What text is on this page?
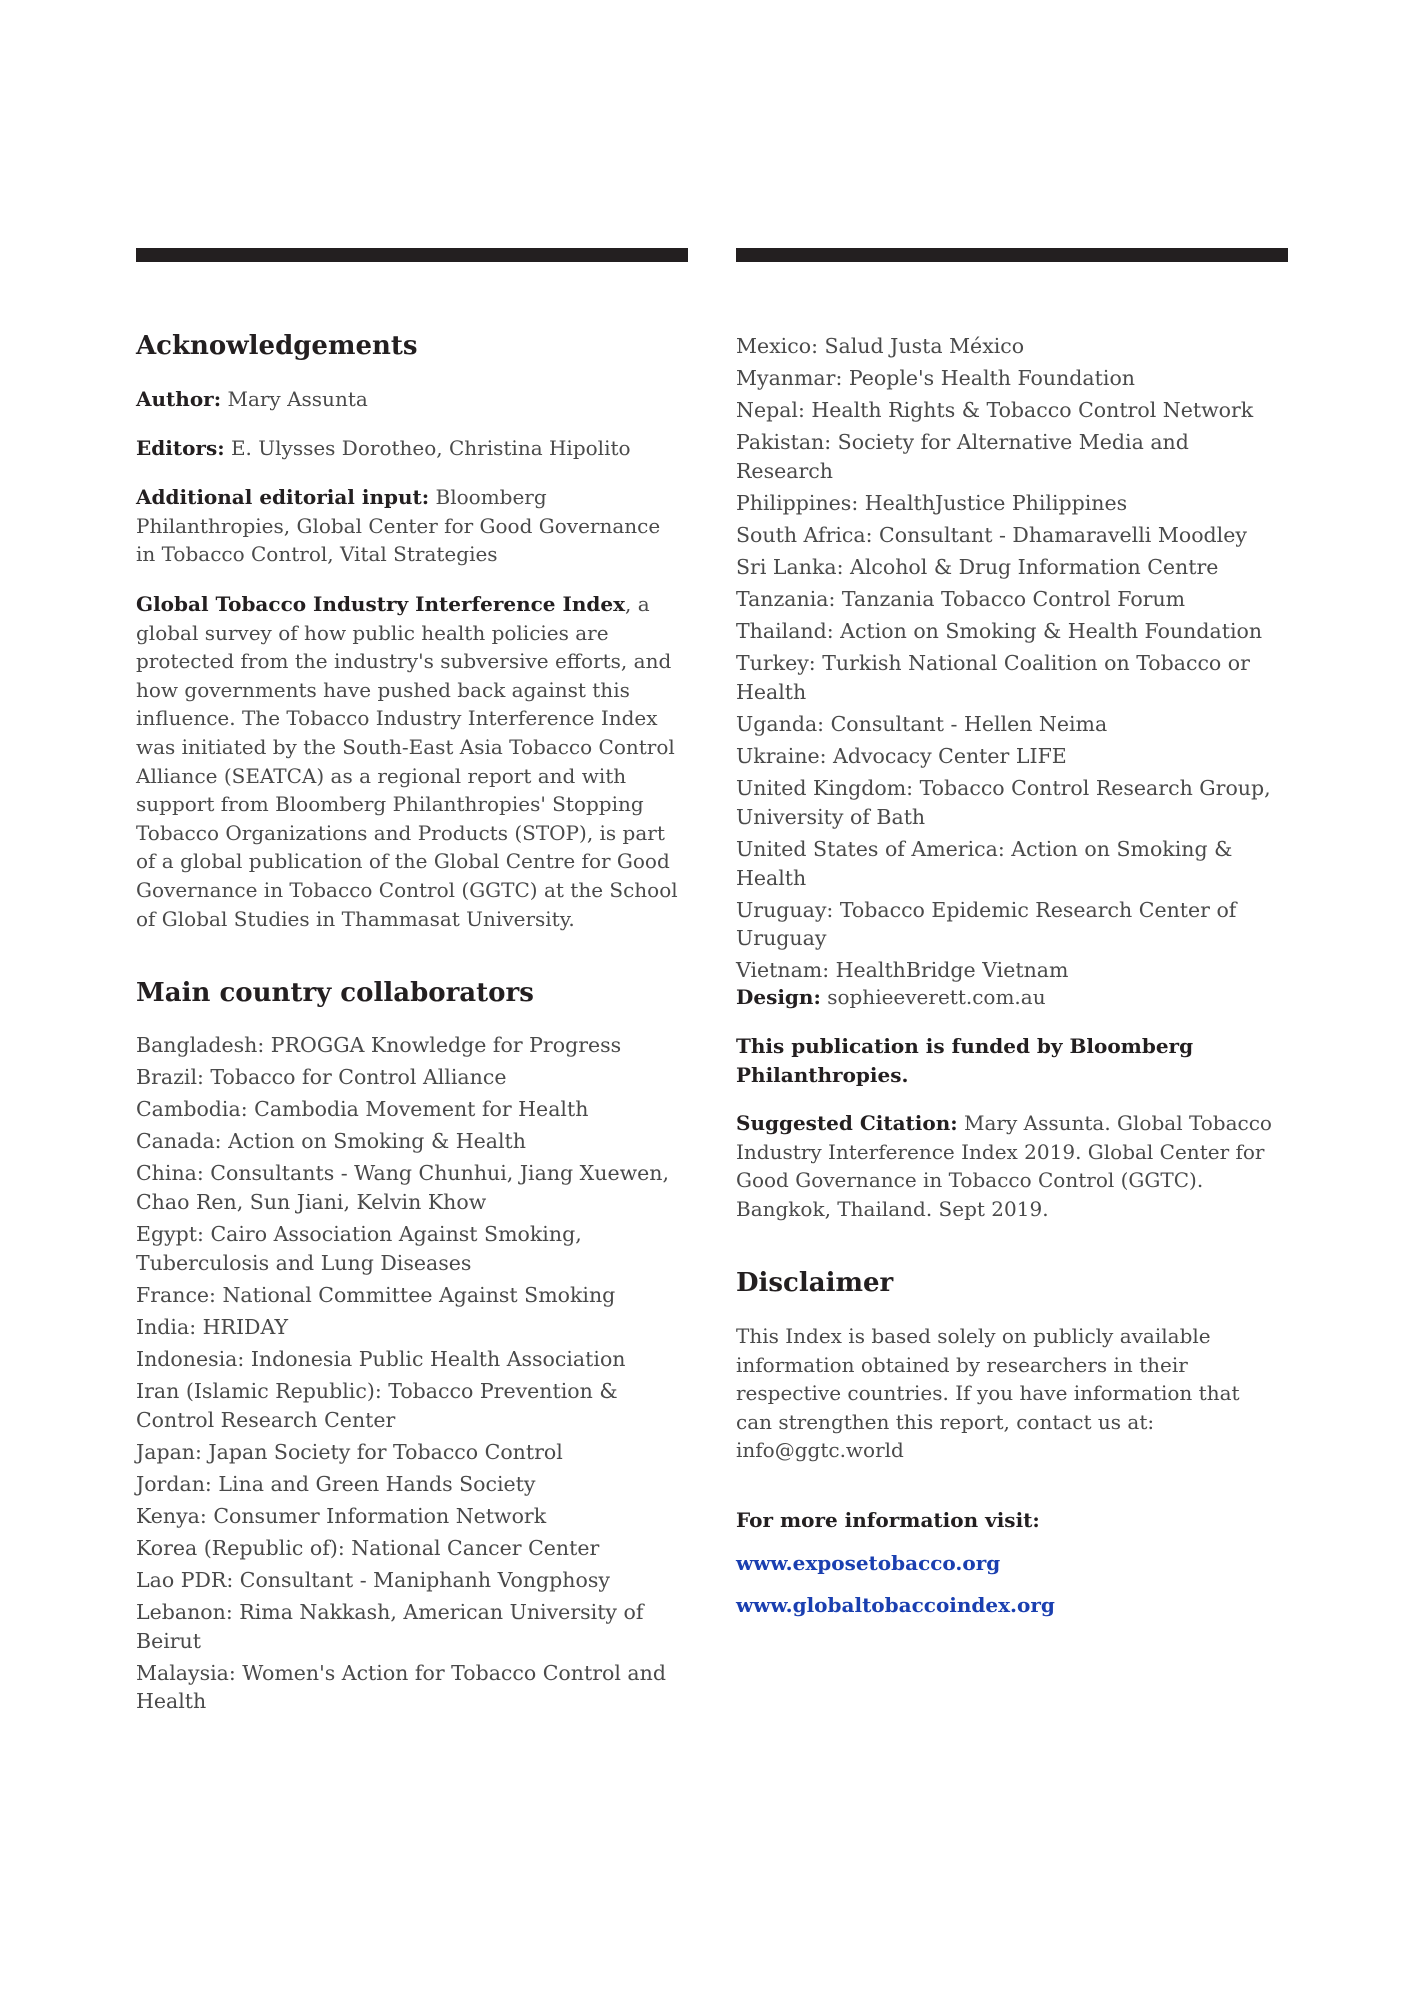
Acknowledgements

Author: Mary Assunta

Editors: E. Ulysses Dorotheo, Christina Hipolito

Additional editorial input: Bloomberg Philanthropies, Global Center for Good Governance in Tobacco Control, Vital Strategies

Global Tobacco Industry Interference Index, a global survey of how public health policies are protected from the industry's subversive efforts, and how governments have pushed back against this influence. The Tobacco Industry Interference Index was initiated by the South-East Asia Tobacco Control Alliance (SEATCA) as a regional report and with support from Bloomberg Philanthropies' Stopping Tobacco Organizations and Products (STOP), is part of a global publication of the Global Centre for Good Governance in Tobacco Control (GGTC) at the School of Global Studies in Thammasat University.

Main country collaborators
Bangladesh: PROGGA Knowledge for Progress
Brazil: Tobacco for Control Alliance
Cambodia: Cambodia Movement for Health
Canada: Action on Smoking & Health
China: Consultants - Wang Chunhui, Jiang Xuewen, Chao Ren, Sun Jiani, Kelvin Khow
Egypt: Cairo Association Against Smoking, Tuberculosis and Lung Diseases
France: National Committee Against Smoking
India: HRIDAY
Indonesia: Indonesia Public Health Association
Iran (Islamic Republic): Tobacco Prevention & Control Research Center
Japan: Japan Society for Tobacco Control
Jordan: Lina and Green Hands Society
Kenya: Consumer Information Network
Korea (Republic of): National Cancer Center
Lao PDR: Consultant - Maniphanh Vongphosy
Lebanon: Rima Nakkash, American University of Beirut
Malaysia: Women's Action for Tobacco Control and Health
Mexico: Salud Justa México
Myanmar: People's Health Foundation
Nepal: Health Rights & Tobacco Control Network
Pakistan: Society for Alternative Media and Research
Philippines: HealthJustice Philippines
South Africa: Consultant - Dhamaravelli Moodley
Sri Lanka: Alcohol & Drug Information Centre
Tanzania: Tanzania Tobacco Control Forum
Thailand: Action on Smoking & Health Foundation
Turkey: Turkish National Coalition on Tobacco or Health
Uganda: Consultant - Hellen Neima
Ukraine: Advocacy Center LIFE
United Kingdom: Tobacco Control Research Group, University of Bath
United States of America: Action on Smoking & Health
Uruguay: Tobacco Epidemic Research Center of Uruguay
Vietnam: HealthBridge Vietnam

Design: sophieeverett.com.au

This publication is funded by Bloomberg Philanthropies.

Suggested Citation: Mary Assunta. Global Tobacco Industry Interference Index 2019. Global Center for Good Governance in Tobacco Control (GGTC). Bangkok, Thailand. Sept 2019.

Disclaimer

This Index is based solely on publicly available information obtained by researchers in their respective countries. If you have information that can strengthen this report, contact us at: info@ggtc.world

For more information visit:

www.exposetobacco.org
www.globaltobaccoindex.org
